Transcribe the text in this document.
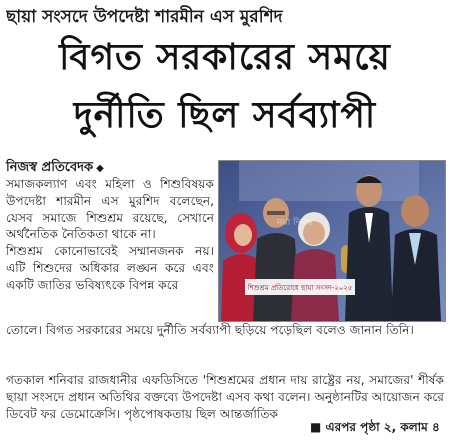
ছায়া সংসদে উপদেষ্টা শারমীন এস মুরশিদ
বিগত সরকারের সময়ে
দুর্নীতি ছিল সর্বব্যাপী
নিজস্ব প্রতিবেদক ◆

সমাজকল্যাণ এবং মহিলা ও শিশুবিষয়ক উপদেষ্টা শারমীন এস মুরশিদ বলেছেন, যেসব সমাজে শিশুশ্রম রয়েছে, সেখানে অর্থনৈতিক নৈতিকতা থাকে না।

শিশুশ্রম কোনোভাবেই সম্মানজনক নয়। এটি শিশুদের অধিকার লঙ্ঘন করে এবং একটি জাতির ভবিষ্যৎকে বিপন্ন করে	শিশুশ্রম প্রতিরোধে ছায়া সংসদ-২০২৫
নয়া দিগন্ত

তোলে। বিগত সরকারের সময়ে দুর্নীতি সর্বব্যাপী ছড়িয়ে পড়েছিল বলেও জানান তিনি।

গতকাল শনিবার রাজধানীর এফডিসিতে 'শিশুশ্রমের প্রধান দায় রাষ্ট্রের নয়, সমাজের' শীর্ষক ছায়া সংসদে প্রধান অতিথির বক্তব্যে উপদেষ্টা এসব কথা বলেন। অনুষ্ঠানটির আয়োজন করে ডিবেট ফর ডেমোক্রেসি। পৃষ্ঠপোষকতায় ছিল আন্তর্জাতিক

■ এরপর পৃষ্ঠা ২, কলাম ৪
